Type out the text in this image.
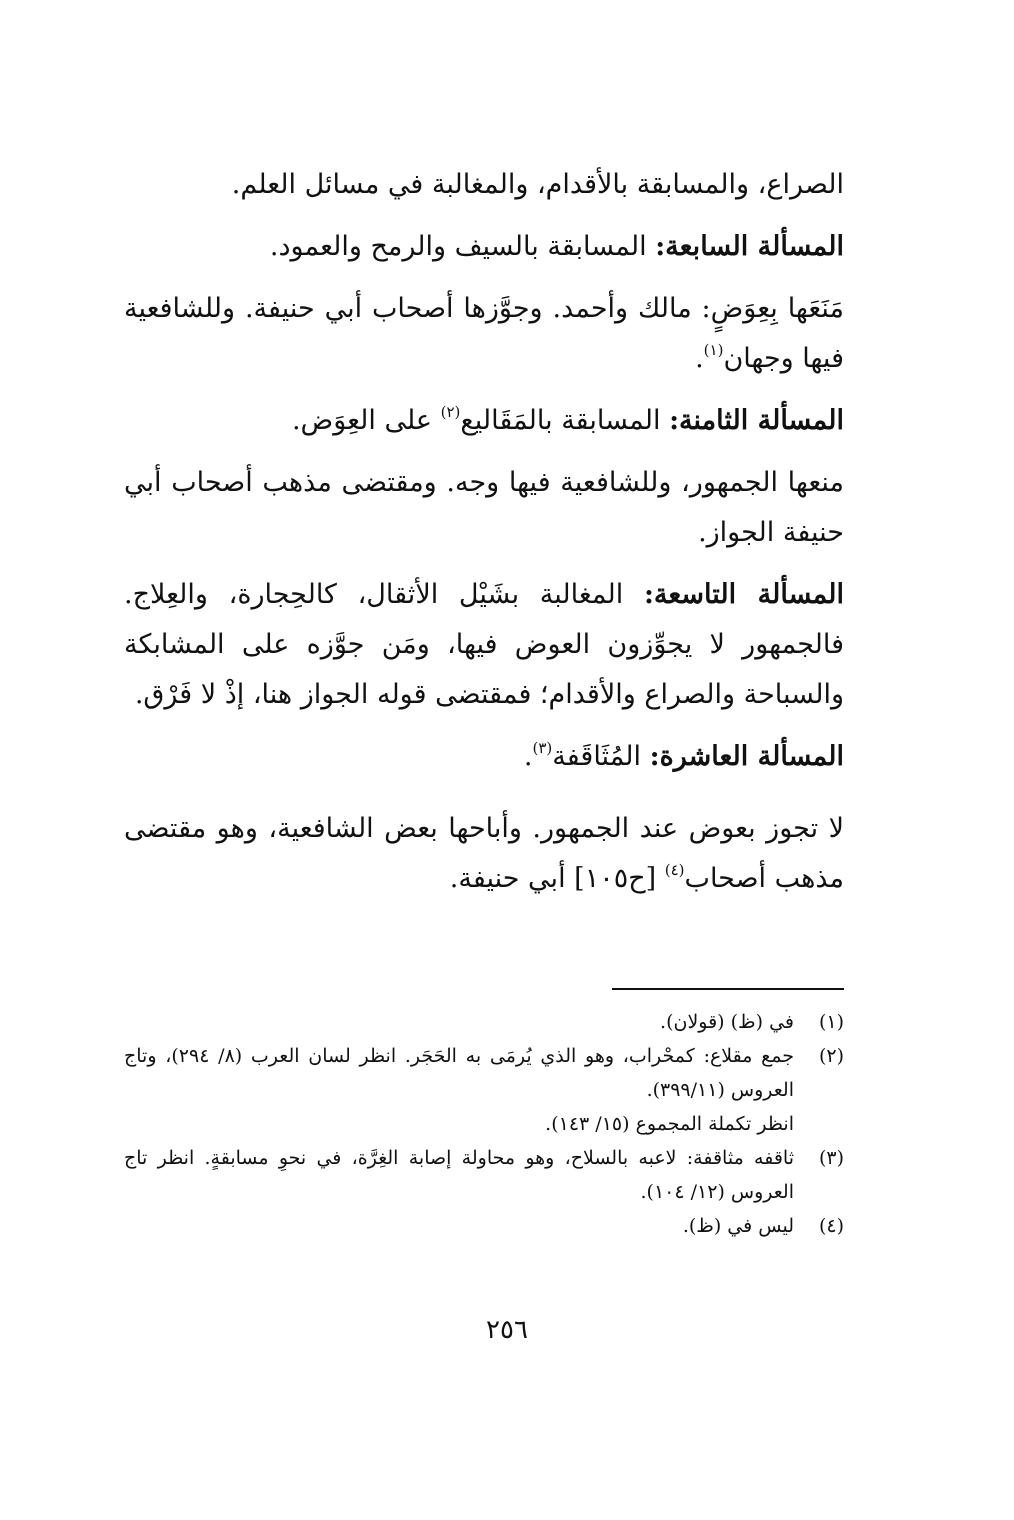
الصراع، والمسابقة بالأقدام، والمغالبة في مسائل العلم.

المسألة السابعة: المسابقة بالسيف والرمح والعمود.

مَنَعَها بِعِوَضٍ: مالك وأحمد. وجوَّزها أصحاب أبي حنيفة. وللشافعية فيها وجهان$^{(١)}$.

المسألة الثامنة: المسابقة بالمَقَاليع$^{(٢)}$ على العِوَض.

منعها الجمهور، وللشافعية فيها وجه. ومقتضى مذهب أصحاب أبي حنيفة الجواز.

المسألة التاسعة: المغالبة بشَيْل الأثقال، كالحِجارة، والعِلاج. فالجمهور لا يجوِّزون العوض فيها، ومَن جوَّزه على المشابكة والسباحة والصراع والأقدام؛ فمقتضى قوله الجواز هنا، إذْ لا فَرْق.

المسألة العاشرة: المُثَاقَفة$^{(٣)}$.

لا تجوز بعوض عند الجمهور. وأباحها بعض الشافعية، وهو مقتضى مذهب أصحاب$^{(٤)}$ [ح١٠٥] أبي حنيفة.

(١)
في (ظ) (قولان).
(٢)
جمع مقلاع: كمحْراب، وهو الذي يُرمَى به الحَجَر. انظر لسان العرب (٨/ ٢٩٤)، وتاج العروس (٣٩٩/١١).
انظر تكملة المجموع (١٥/ ١٤٣).
(٣)
ثاقفه مثاقفة: لاعبه بالسلاح، وهو محاولة إصابة الغِرَّة، في نحوِ مسابقةٍ. انظر تاج العروس (١٢/ ١٠٤).
(٤)
ليس في (ظ).
٢٥٦
